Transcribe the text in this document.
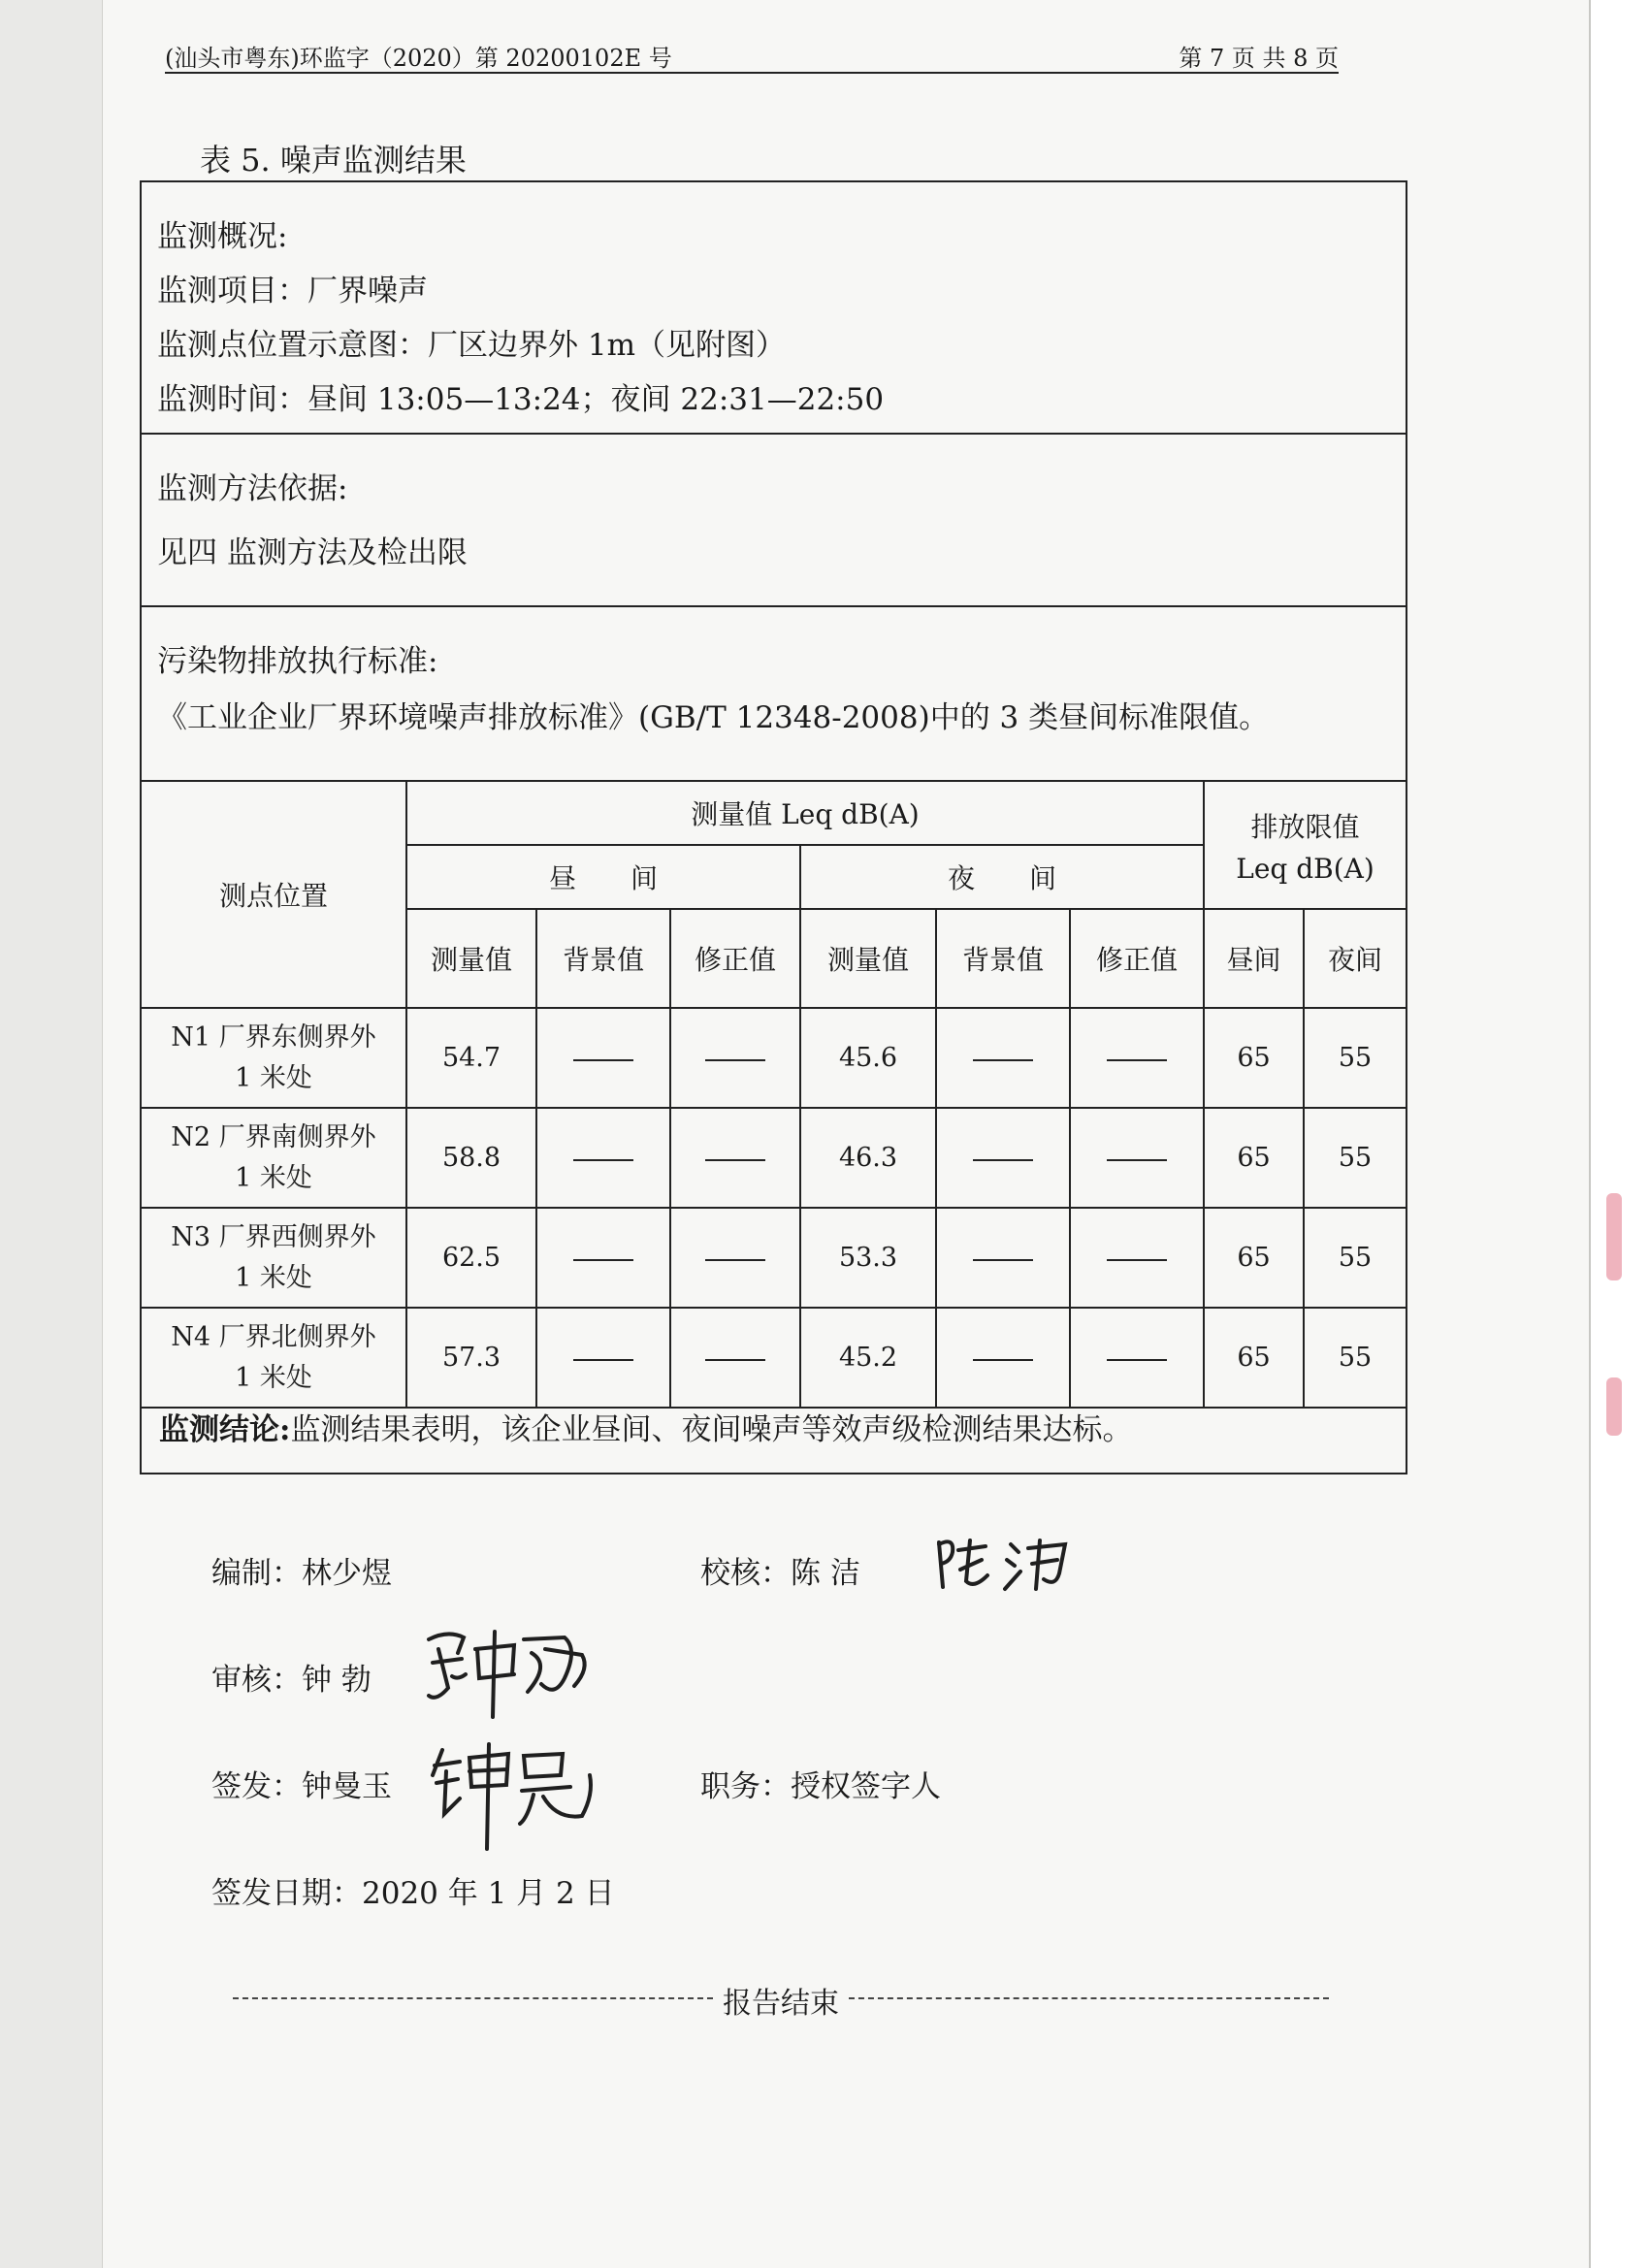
(汕头市粤东)环监字（2020）第 20200102E 号	第 7 页 共 8 页
表 5. 噪声监测结果
监测概况:
监测项目：厂界噪声
监测点位置示意图：厂区边界外 1m（见附图）
监测时间：昼间 13:05—13:24；夜间 22:31—22:50
监测方法依据:
见四 监测方法及检出限
污染物排放执行标准:
《工业企业厂界环境噪声排放标准》(GB/T 12348-2008)中的 3 类昼间标准限值。
测点位置	测量值 Leq dB(A)						排放限值
Leq dB(A)	

	昼　　间			夜　　间				
	测量值	背景值	修正值	测量值	背景值	修正值	昼间	夜间

N1 厂界东侧界外
1 米处	54.7			45.6			65	55

N2 厂界南侧界外
1 米处	58.8			46.3			65	55

N3 厂界西侧界外
1 米处	62.5			53.3			65	55

N4 厂界北侧界外
1 米处	57.3			45.2			65	55
监测结论:监测结果表明，该企业昼间、夜间噪声等效声级检测结果达标。
编制：林少煜	校核：陈 洁
审核：钟 勃
签发：钟曼玉	职务：授权签字人
签发日期：2020 年 1 月 2 日
报告结束
